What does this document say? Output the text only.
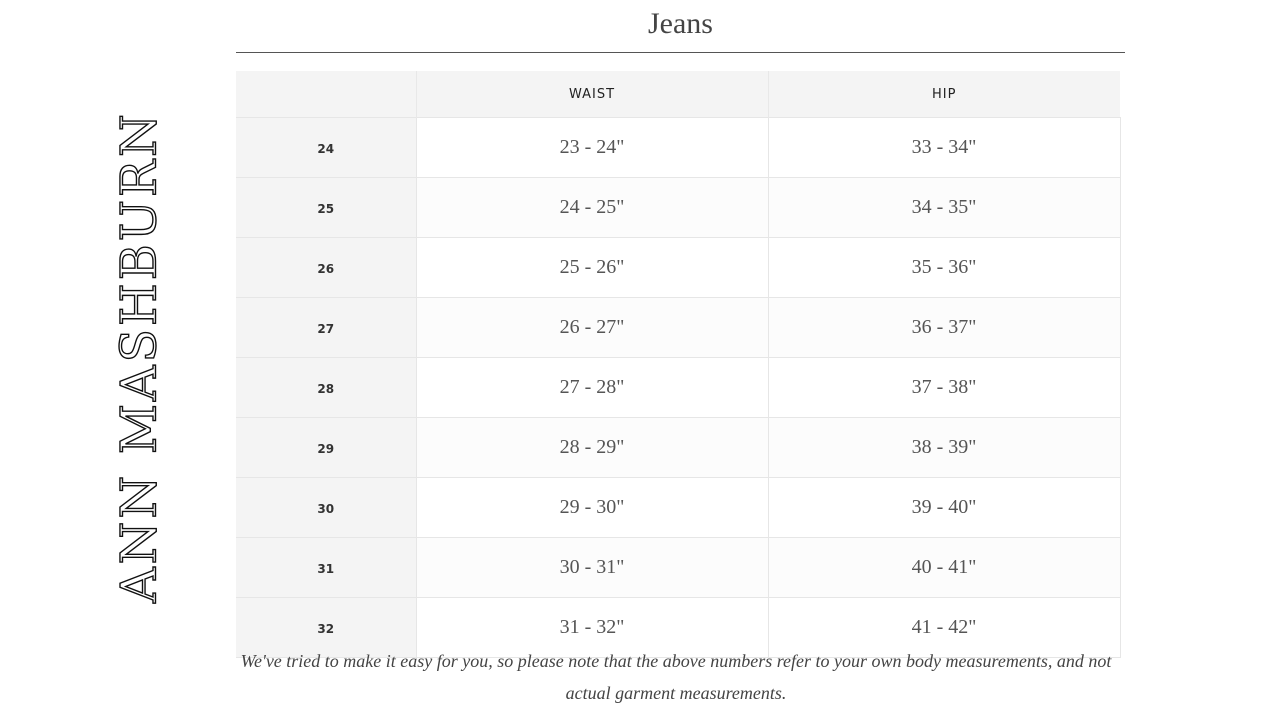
ANN MASHBURN
Jeans
	WAIST	HIP
24	23 - 24"	33 - 34"
25	24 - 25"	34 - 35"
26	25 - 26"	35 - 36"
27	26 - 27"	36 - 37"
28	27 - 28"	37 - 38"
29	28 - 29"	38 - 39"
30	29 - 30"	39 - 40"
31	30 - 31"	40 - 41"
32	31 - 32"	41 - 42"
We've tried to make it easy for you, so please note that the above numbers refer to your own body measurements, and not actual garment measurements.
